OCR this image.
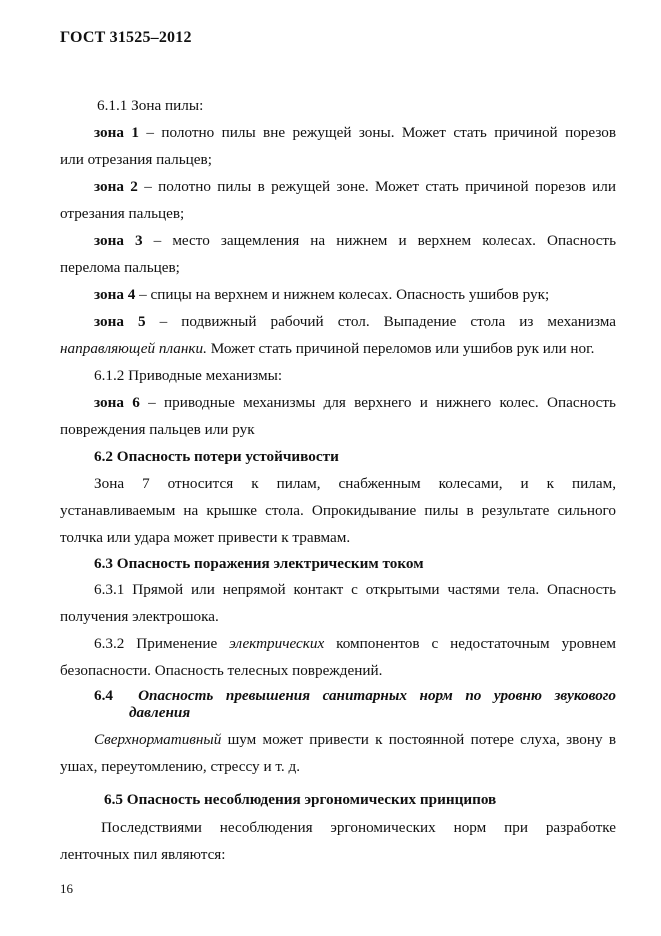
ГОСТ 31525–2012
6.1.1 Зона пилы:
зона 1 – полотно пилы вне режущей зоны. Может стать причиной порезов
или отрезания пальцев;
зона 2 – полотно пилы в режущей зоне. Может стать причиной порезов или
отрезания пальцев;
зона 3 – место защемления на нижнем и верхнем колесах. Опасность
перелома пальцев;
зона 4 – спицы на верхнем и нижнем колесах. Опасность ушибов рук;
зона 5 – подвижный рабочий стол. Выпадение стола из механизма
направляющей планки. Может стать причиной переломов или ушибов рук или ног.
6.1.2 Приводные механизмы:
зона 6 – приводные механизмы для верхнего и нижнего колес. Опасность
повреждения пальцев или рук
6.2 Опасность потери устойчивости
Зона 7 относится к пилам, снабженным колесами, и к пилам,
устанавливаемым на крышке стола. Опрокидывание пилы в результате сильного
толчка или удара может привести к травмам.
6.3 Опасность поражения электрическим током
6.3.1 Прямой или непрямой контакт с открытыми частями тела. Опасность
получения электрошока.
6.3.2 Применение электрических компонентов с недостаточным уровнем
безопасности. Опасность телесных повреждений.
6.4 Опасность превышения санитарных норм по уровню звукового
давления
Сверхнормативный шум может привести к постоянной потере слуха, звону в
ушах, переутомлению, стрессу и т. д.
6.5 Опасность несоблюдения эргономических принципов
Последствиями несоблюдения эргономических норм при разработке
ленточных пил являются:
16
